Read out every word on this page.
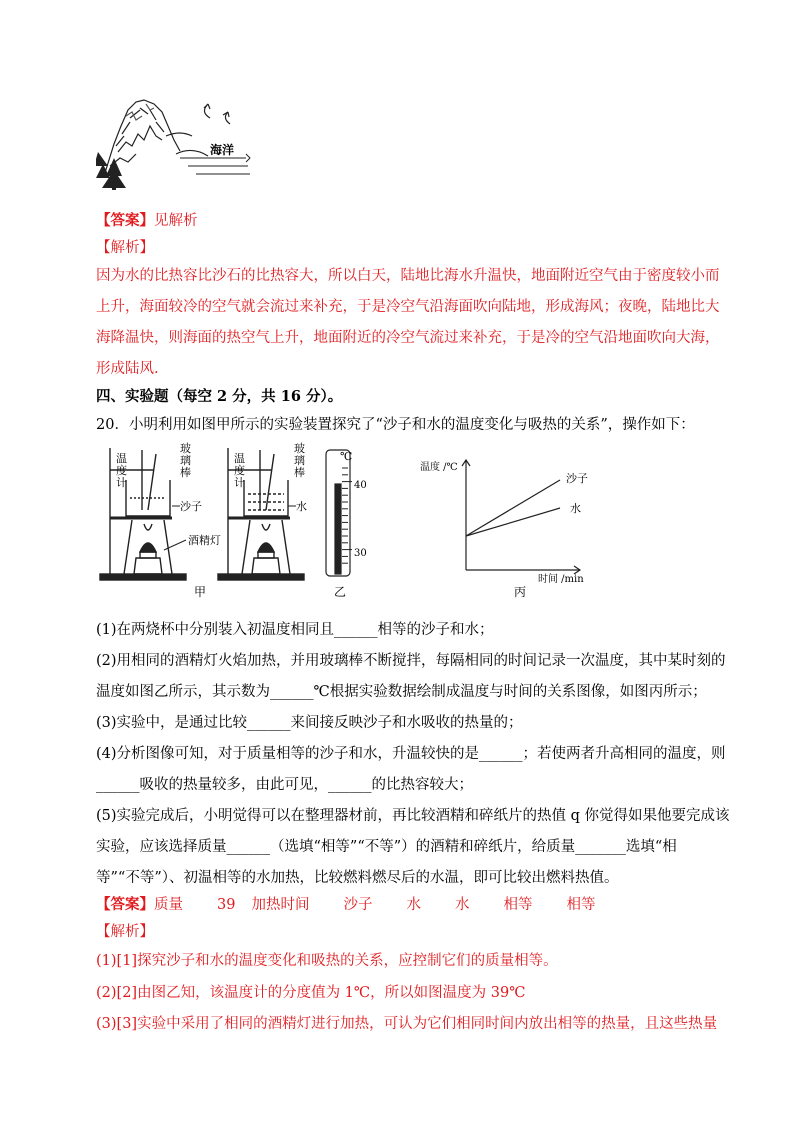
海洋
【答案】见解析
【解析】
因为水的比热容比沙石的比热容大，所以白天，陆地比海水升温快，地面附近空气由于密度较小而
上升，海面较冷的空气就会流过来补充，于是冷空气沿海面吹向陆地，形成海风；夜晚，陆地比大
海降温快，则海面的热空气上升，地面附近的冷空气流过来补充，于是冷的空气沿地面吹向大海，
形成陆风.
四、实验题（每空 2 分，共 16 分）。
20．小明利用如图甲所示的实验装置探究了“沙子和水的温度变化与吸热的关系”，操作如下：
温 度 计
温 度 计
玻 璃 棒
玻 璃 棒
沙子	水
酒精灯
甲
℃
40
30
乙
温度 /℃
时间 /min
沙子
水
丙
(1)在两烧杯中分别装入初温度相同且______相等的沙子和水；
(2)用相同的酒精灯火焰加热，并用玻璃棒不断搅拌，每隔相同的时间记录一次温度，其中某时刻的
温度如图乙所示，其示数为______℃根据实验数据绘制成温度与时间的关系图像，如图丙所示；
(3)实验中，是通过比较______来间接反映沙子和水吸收的热量的；
(4)分析图像可知，对于质量相等的沙子和水，升温较快的是______；若使两者升高相同的温度，则
______吸收的热量较多，由此可见，______的比热容较大；
(5)实验完成后，小明觉得可以在整理器材前，再比较酒精和碎纸片的热值 q 你觉得如果他要完成该
实验，应该选择质量______（选填“相等”“不等”）的酒精和碎纸片，给质量_______选填“相
等”“不等”）、初温相等的水加热，比较燃料燃尽后的水温，即可比较出燃料热值。
【答案】质量 39 加热时间 沙子 水 水 相等 相等
【解析】
(1)[1]探究沙子和水的温度变化和吸热的关系，应控制它们的质量相等。
(2)[2]由图乙知，该温度计的分度值为 1℃，所以如图温度为 39℃
(3)[3]实验中采用了相同的酒精灯进行加热，可认为它们相同时间内放出相等的热量，且这些热量
